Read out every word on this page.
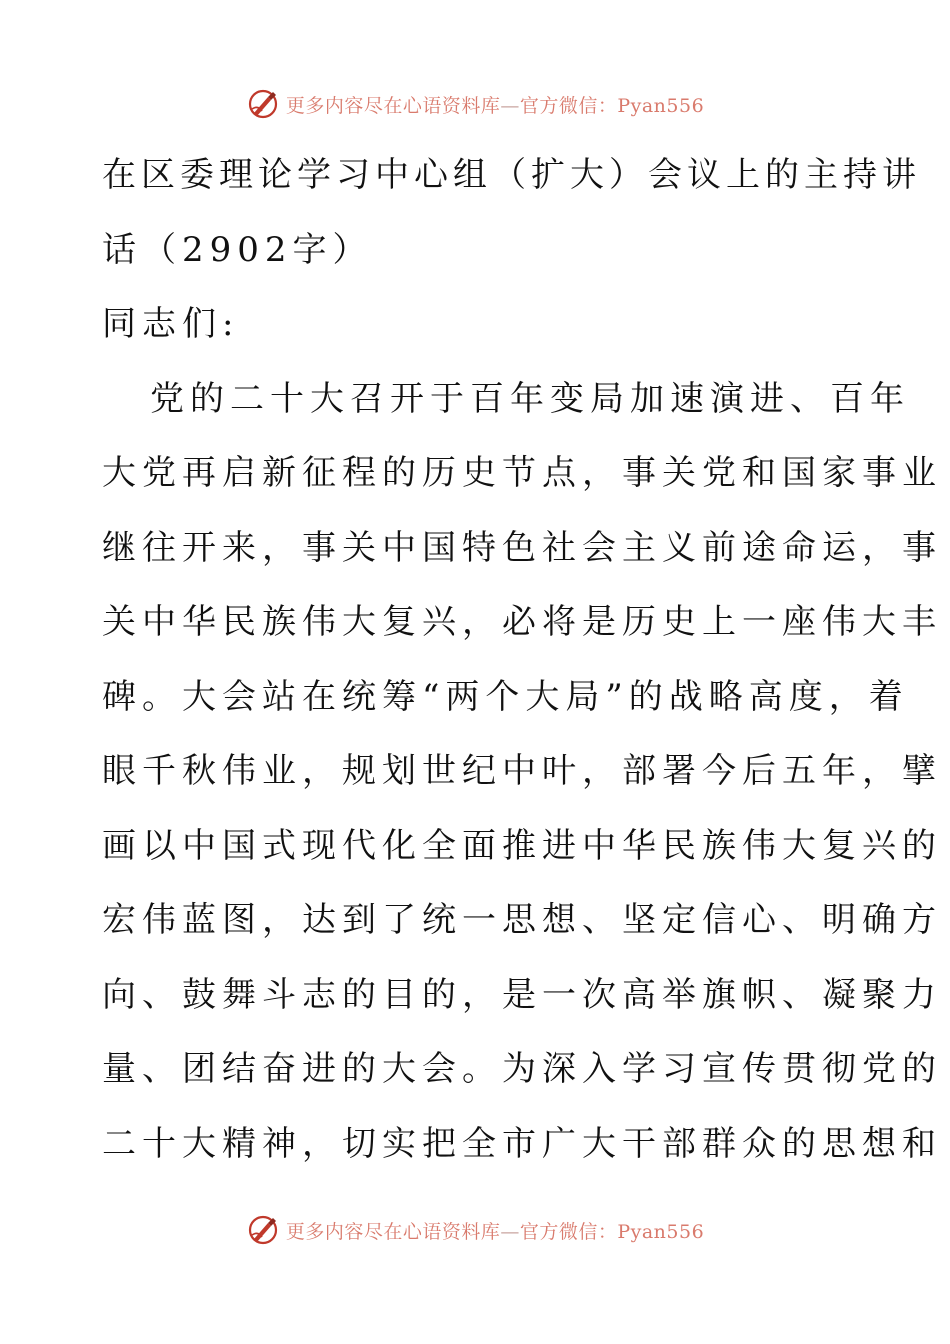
更多内容尽在心语资料库—官方微信：Pyan556
在区委理论学习中心组（扩大）会议上的主持讲
话（2902字）
同志们:
党的二十大召开于百年变局加速演进、百年
大党再启新征程的历史节点，事关党和国家事业
继往开来，事关中国特色社会主义前途命运，事
关中华民族伟大复兴，必将是历史上一座伟大丰
碑。大会站在统筹“两个大局”的战略高度，着
眼千秋伟业，规划世纪中叶，部署今后五年，擘
画以中国式现代化全面推进中华民族伟大复兴的
宏伟蓝图，达到了统一思想、坚定信心、明确方
向、鼓舞斗志的目的，是一次高举旗帜、凝聚力
量、团结奋进的大会。为深入学习宣传贯彻党的
二十大精神，切实把全市广大干部群众的思想和
更多内容尽在心语资料库—官方微信：Pyan556
